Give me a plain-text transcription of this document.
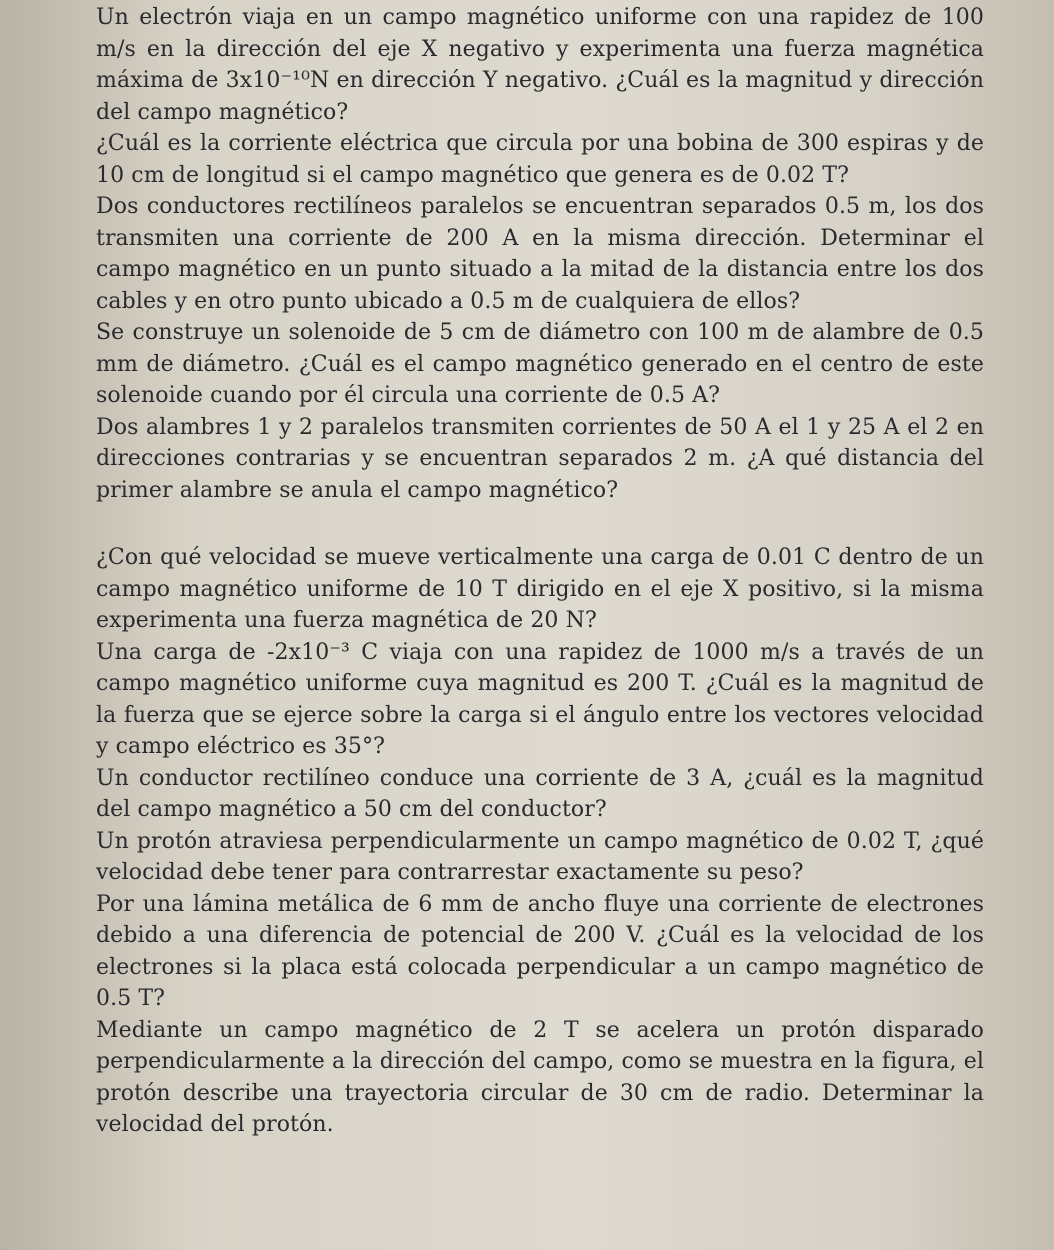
Un electrón viaja en un campo magnético uniforme con una rapidez de 100 m/s en la dirección del eje X negativo y experimenta una fuerza magnética máxima de 3x10⁻¹⁰N en dirección Y negativo. ¿Cuál es la magnitud y dirección del campo magnético?

¿Cuál es la corriente eléctrica que circula por una bobina de 300 espiras y de 10 cm de longitud si el campo magnético que genera es de 0.02 T?

Dos conductores rectilíneos paralelos se encuentran separados 0.5 m, los dos transmiten una corriente de 200 A en la misma dirección. Determinar el campo magnético en un punto situado a la mitad de la distancia entre los dos cables y en otro punto ubicado a 0.5 m de cualquiera de ellos?

Se construye un solenoide de 5 cm de diámetro con 100 m de alambre de 0.5 mm de diámetro. ¿Cuál es el campo magnético generado en el centro de este solenoide cuando por él circula una corriente de 0.5 A?

Dos alambres 1 y 2 paralelos transmiten corrientes de 50 A el 1 y 25 A el 2 en direcciones contrarias y se encuentran separados 2 m. ¿A qué distancia del primer alambre se anula el campo magnético?

¿Con qué velocidad se mueve verticalmente una carga de 0.01 C dentro de un campo magnético uniforme de 10 T dirigido en el eje X positivo, si la misma experimenta una fuerza magnética de 20 N?

Una carga de -2x10⁻³ C viaja con una rapidez de 1000 m/s a través de un campo magnético uniforme cuya magnitud es 200 T. ¿Cuál es la magnitud de la fuerza que se ejerce sobre la carga si el ángulo entre los vectores velocidad y campo eléctrico es 35°?

Un conductor rectilíneo conduce una corriente de 3 A, ¿cuál es la magnitud del campo magnético a 50 cm del conductor?

Un protón atraviesa perpendicularmente un campo magnético de 0.02 T, ¿qué velocidad debe tener para contrarrestar exactamente su peso?

Por una lámina metálica de 6 mm de ancho fluye una corriente de electrones debido a una diferencia de potencial de 200 V. ¿Cuál es la velocidad de los electrones si la placa está colocada perpendicular a un campo magnético de 0.5 T?

Mediante un campo magnético de 2 T se acelera un protón disparado perpendicularmente a la dirección del campo, como se muestra en la figura, el protón describe una trayectoria circular de 30 cm de radio. Determinar la velocidad del protón.
